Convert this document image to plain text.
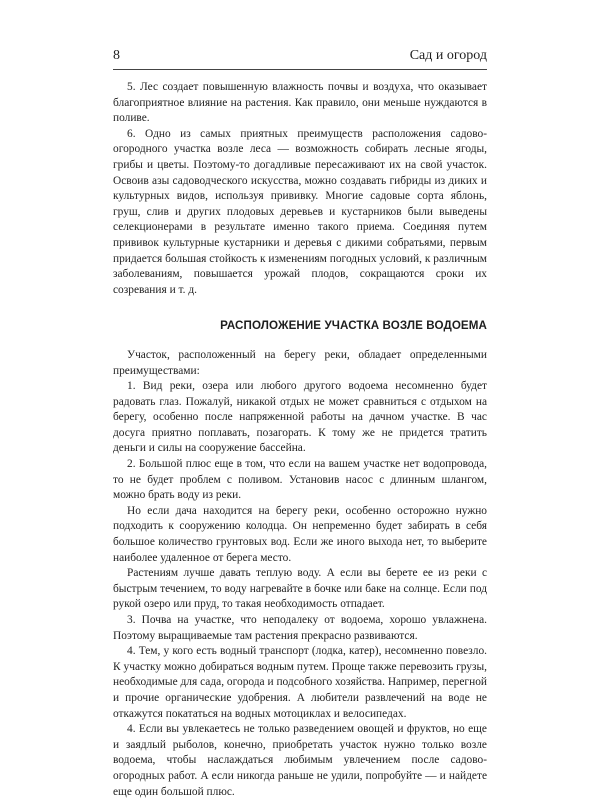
8	Сад и огород

5. Лес создает повышенную влажность почвы и воздуха, что оказывает благоприятное влияние на растения. Как правило, они меньше нуждаются в поливе.

6. Одно из самых приятных преимуществ расположения садово-огородного участка возле леса — возможность собирать лесные ягоды, грибы и цветы. Поэтому-то догадливые пересаживают их на свой участок. Освоив азы садоводческого искусства, можно создавать гибриды из диких и культурных видов, используя прививку. Многие садовые сорта яблонь, груш, слив и других плодовых деревьев и кустарников были выведены селекционерами в результате именно такого приема. Соединяя путем прививок культурные кустарники и деревья с дикими собратьями, первым придается большая стойкость к изменениям погодных условий, к различным заболеваниям, повышается урожай плодов, сокращаются сроки их созревания и т. д.

РАСПОЛОЖЕНИЕ УЧАСТКА ВОЗЛЕ ВОДОЕМА

Участок, расположенный на берегу реки, обладает определенными преимуществами:

1. Вид реки, озера или любого другого водоема несомненно будет радовать глаз. Пожалуй, никакой отдых не может сравниться с отдыхом на берегу, особенно после напряженной работы на дачном участке. В час досуга приятно поплавать, позагорать. К тому же не придется тратить деньги и силы на сооружение бассейна.

2. Большой плюс еще в том, что если на вашем участке нет водопровода, то не будет проблем с поливом. Установив насос с длинным шлангом, можно брать воду из реки.

Но если дача находится на берегу реки, особенно осторожно нужно подходить к сооружению колодца. Он непременно будет забирать в себя большое количество грунтовых вод. Если же иного выхода нет, то выберите наиболее удаленное от берега место.

Растениям лучше давать теплую воду. А если вы берете ее из реки с быстрым течением, то воду нагревайте в бочке или баке на солнце. Если под рукой озеро или пруд, то такая необходимость отпадает.

3. Почва на участке, что неподалеку от водоема, хорошо увлажнена. Поэтому выращиваемые там растения прекрасно развиваются.

4. Тем, у кого есть водный транспорт (лодка, катер), несомненно повезло. К участку можно добираться водным путем. Проще также перевозить грузы, необходимые для сада, огорода и подсобного хозяйства. Например, перегной и прочие органические удобрения. А любители развлечений на воде не откажутся покататься на водных мотоциклах и велосипедах.

4. Если вы увлекаетесь не только разведением овощей и фруктов, но еще и заядлый рыболов, конечно, приобретать участок нужно только возле водоема, чтобы наслаждаться любимым увлечением после садово-огородных работ. А если никогда раньше не удили, попробуйте — и найдете еще один большой плюс.
